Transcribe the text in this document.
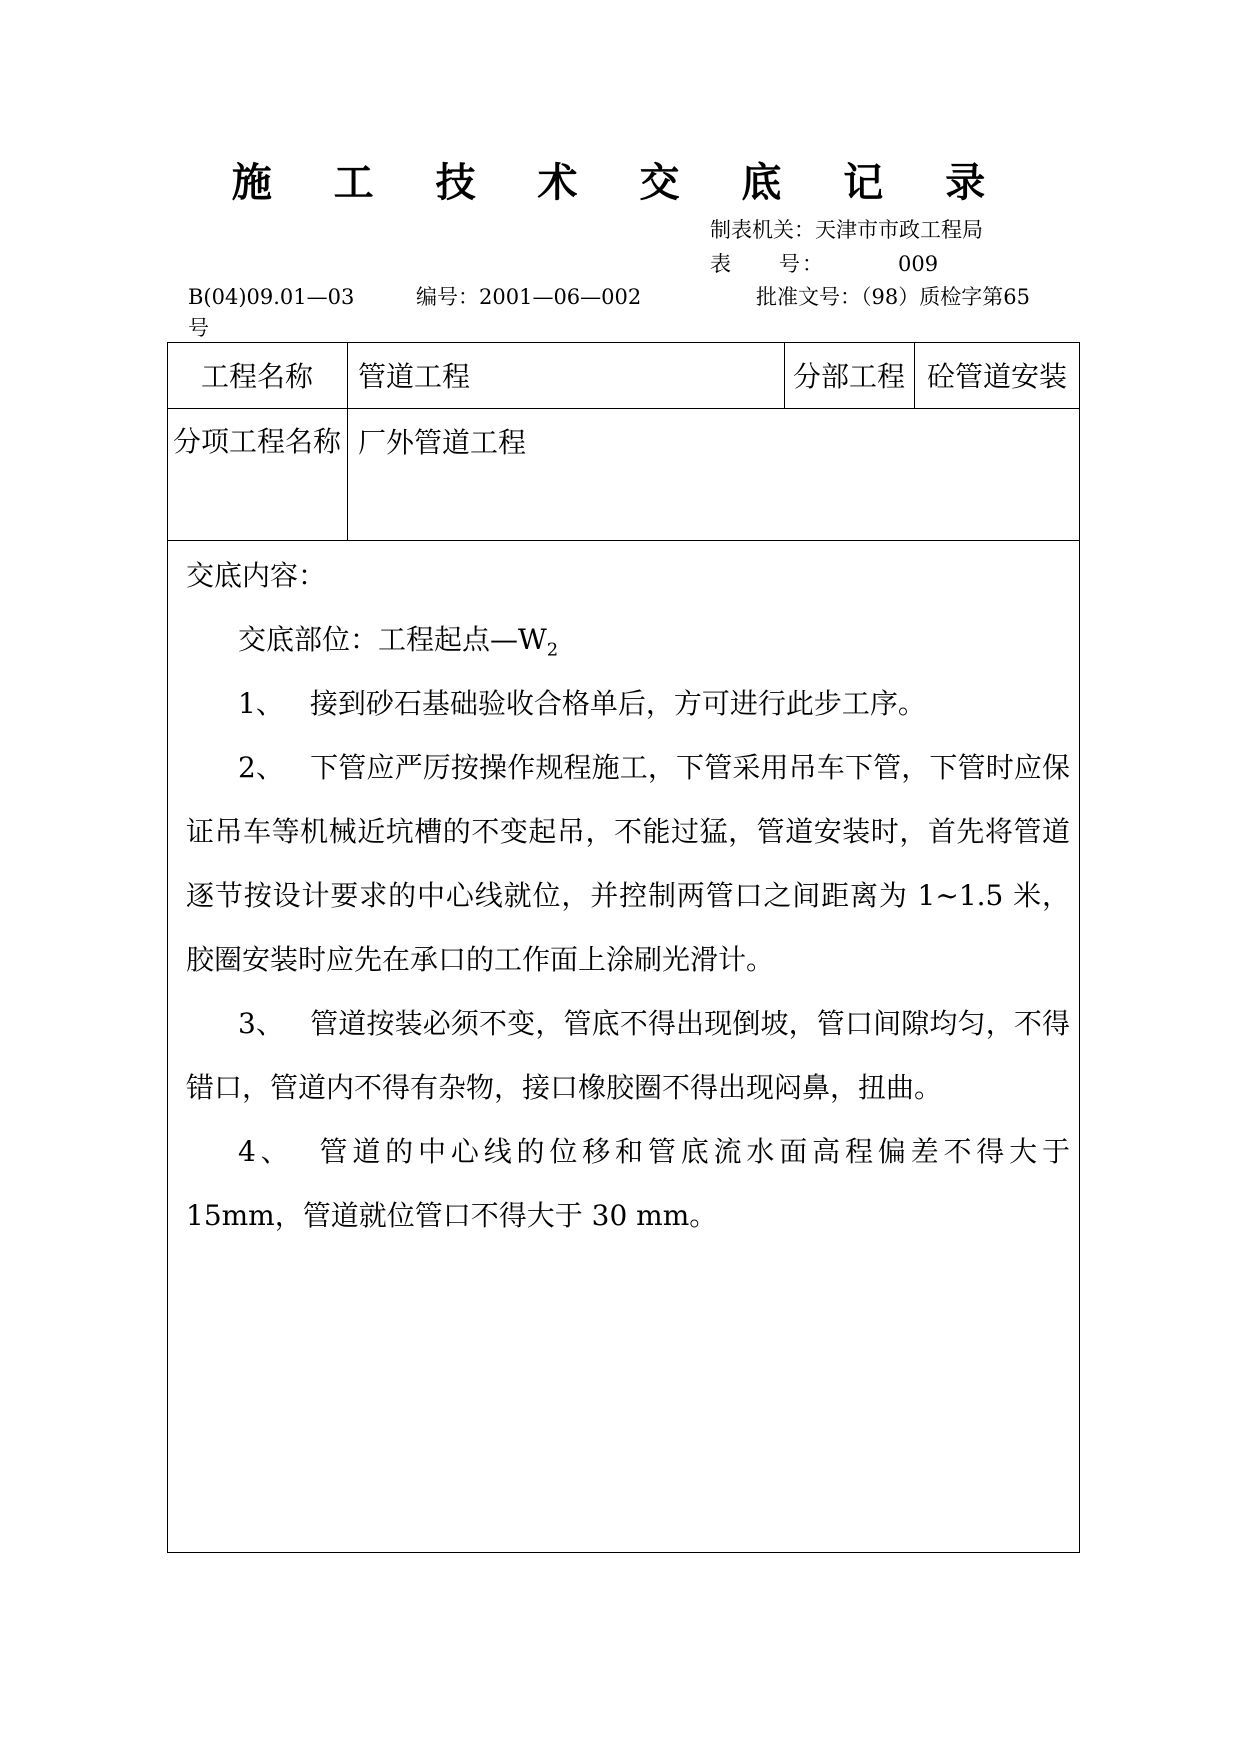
施 工 技 术 交 底 记 录
制表机关：天津市市政工程局
表　　号：	009
B(04)09.01—03
号
编号：2001—06—002	批准文号：（98）质检字第65
工程名称	管道工程	分部工程 砼管道安装
分项工程名称 厂外管道工程
交底内容：
交底部位：工程起点$—W_2$
1、 接到砂石基础验收合格单后，方可进行此步工序。
2、 下管应严厉按操作规程施工，下管采用吊车下管，下管时应保证吊车等机械近坑槽的不变起吊，不能过猛，管道安装时，首先将管道逐节按设计要求的中心线就位，并控制两管口之间距离为 1~1.5 米，胶圈安装时应先在承口的工作面上涂刷光滑计。
3、 管道按装必须不变，管底不得出现倒坡，管口间隙均匀，不得错口，管道内不得有杂物，接口橡胶圈不得出现闷鼻，扭曲。
4、 管道的中心线的位移和管底流水面高程偏差不得大于 15mm，管道就位管口不得大于 30 mm。
